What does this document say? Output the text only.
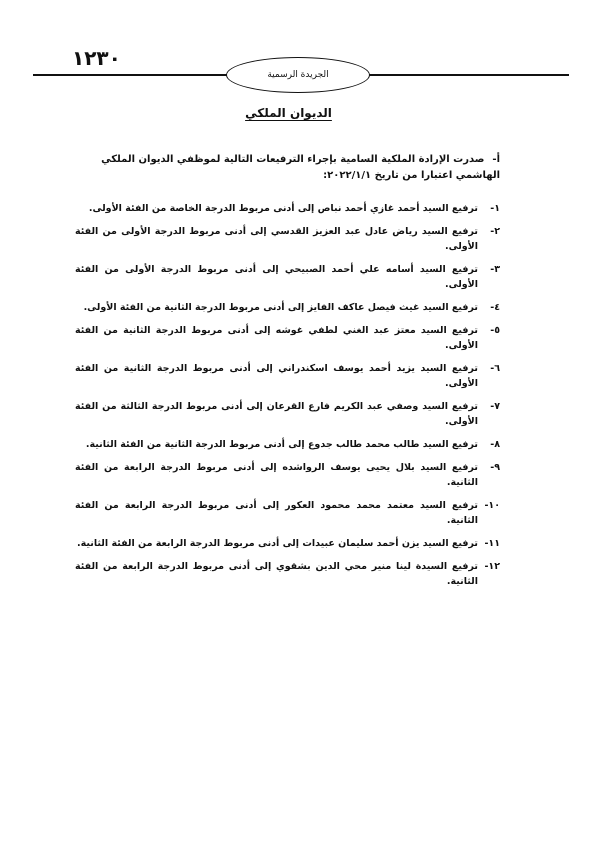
١٢٣٠
الجريدة الرسمية
الديوان الملكي
أ-صدرت الإرادة الملكية السامية بإجراء الترفيعات التالية لموظفي الديوان الملكي الهاشمي اعتبارا من تاريخ ٢٠٢٢/١/١:
١-
ترفيع السيد أحمد غازي أحمد نباص إلى أدنى مربوط الدرجة الخاصة من الفئة الأولى.
٢-
ترفيع السيد رياض عادل عبد العزيز القدسي إلى أدنى مربوط الدرجة الأولى من الفئة الأولى.
٣-
ترفيع السيد أسامه علي أحمد الصبيحي إلى أدنى مربوط الدرجة الأولى من الفئة الأولى.
٤-
ترفيع السيد غيث فيصل عاكف الفايز إلى أدنى مربوط الدرجة الثانية من الفئة الأولى.
٥-
ترفيع السيد معتز عبد الغني لطفي غوشه إلى أدنى مربوط الدرجة الثانية من الفئة الأولى.
٦-
ترفيع السيد يزيد أحمد يوسف اسكندراني إلى أدنى مربوط الدرجة الثانية من الفئة الأولى.
٧-
ترفيع السيد وصفي عبد الكريم فارع القرعان إلى أدنى مربوط الدرجة الثالثة من الفئة الأولى.
٨-
ترفيع السيد طالب محمد طالب جدوع إلى أدنى مربوط الدرجة الثانية من الفئة الثانية.
٩-
ترفيع السيد بلال يحيى يوسف الرواشده إلى أدنى مربوط الدرجة الرابعة من الفئة الثانية.
١٠-
ترفيع السيد معتمد محمد محمود العكور إلى أدنى مربوط الدرجة الرابعة من الفئة الثانية.
١١-
ترفيع السيد يزن أحمد سليمان عبيدات إلى أدنى مربوط الدرجة الرابعة من الفئة الثانية.
١٢-
ترفيع السيدة لينا منير محي الدين بشقوي إلى أدنى مربوط الدرجة الرابعة من الفئة الثانية.
